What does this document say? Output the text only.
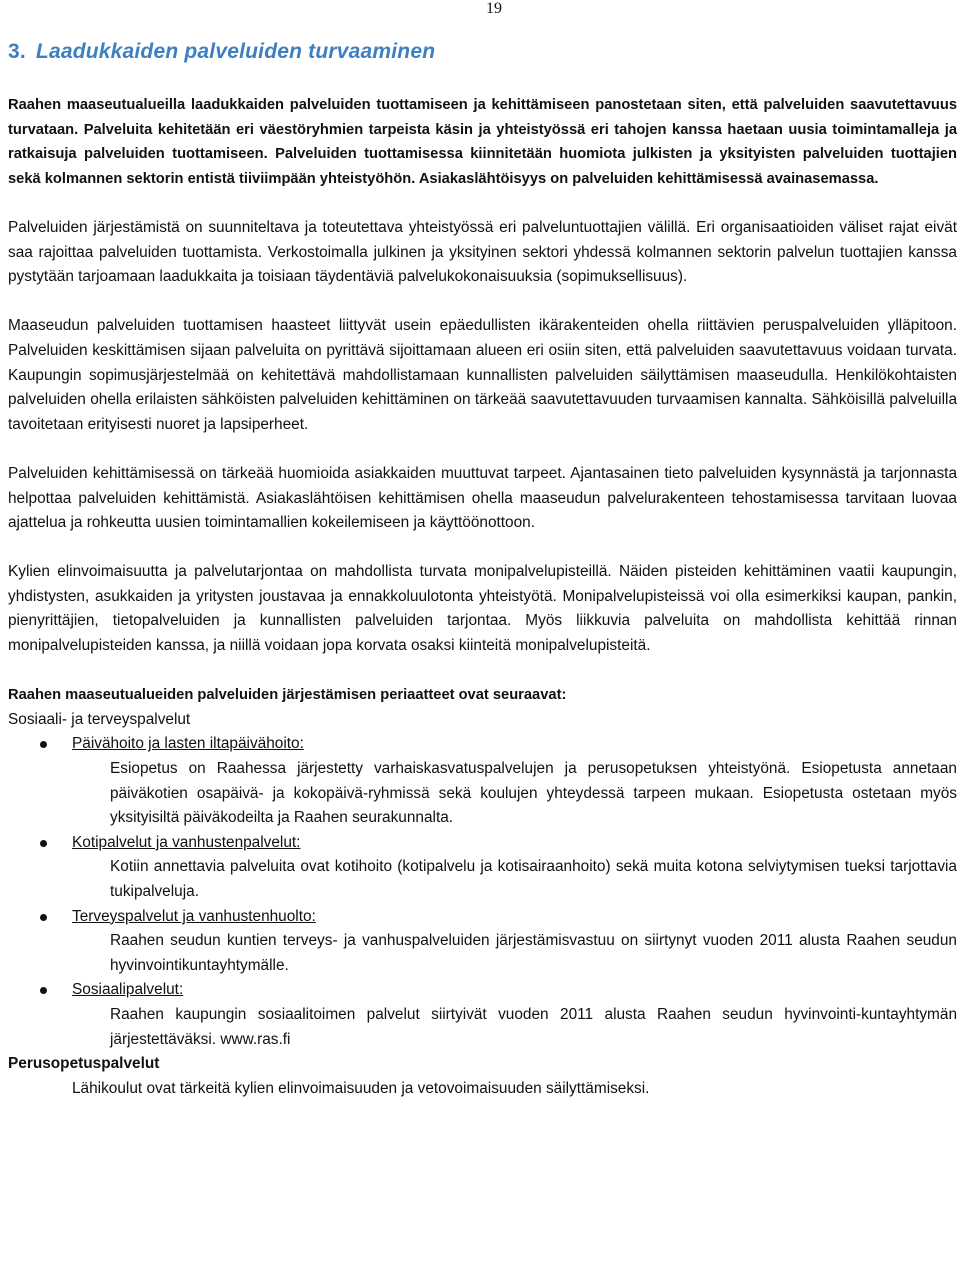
19
3. Laadukkaiden palveluiden turvaaminen

Raahen maaseutualueilla laadukkaiden palveluiden tuottamiseen ja kehittämiseen panostetaan siten, että palveluiden saavutettavuus turvataan. Palveluita kehitetään eri väestöryhmien tarpeista käsin ja yhteistyössä eri tahojen kanssa haetaan uusia toimintamalleja ja ratkaisuja palveluiden tuottamiseen. Palveluiden tuottamisessa kiinnitetään huomiota julkisten ja yksityisten palveluiden tuottajien sekä kolmannen sektorin entistä tiiviimpään yhteistyöhön. Asiakaslähtöisyys on palveluiden kehittämisessä avainasemassa.

Palveluiden järjestämistä on suunniteltava ja toteutettava yhteistyössä eri palveluntuottajien välillä. Eri organisaatioiden väliset rajat eivät saa rajoittaa palveluiden tuottamista. Verkostoimalla julkinen ja yksityinen sektori yhdessä kolmannen sektorin palvelun tuottajien kanssa pystytään tarjoamaan laadukkaita ja toisiaan täydentäviä palvelukokonaisuuksia (sopimuksellisuus).

Maaseudun palveluiden tuottamisen haasteet liittyvät usein epäedullisten ikärakenteiden ohella riittävien peruspalveluiden ylläpitoon. Palveluiden keskittämisen sijaan palveluita on pyrittävä sijoittamaan alueen eri osiin siten, että palveluiden saavutettavuus voidaan turvata. Kaupungin sopimusjärjestelmää on kehitettävä mahdollistamaan kunnallisten palveluiden säilyttämisen maaseudulla. Henkilökohtaisten palveluiden ohella erilaisten sähköisten palveluiden kehittäminen on tärkeää saavutettavuuden turvaamisen kannalta. Sähköisillä palveluilla tavoitetaan erityisesti nuoret ja lapsiperheet.

Palveluiden kehittämisessä on tärkeää huomioida asiakkaiden muuttuvat tarpeet. Ajantasainen tieto palveluiden kysynnästä ja tarjonnasta helpottaa palveluiden kehittämistä. Asiakaslähtöisen kehittämisen ohella maaseudun palvelurakenteen tehostamisessa tarvitaan luovaa ajattelua ja rohkeutta uusien toimintamallien kokeilemiseen ja käyttöönottoon.

Kylien elinvoimaisuutta ja palvelutarjontaa on mahdollista turvata monipalvelupisteillä. Näiden pisteiden kehittäminen vaatii kaupungin, yhdistysten, asukkaiden ja yritysten joustavaa ja ennakkoluulotonta yhteistyötä. Monipalvelupisteissä voi olla esimerkiksi kaupan, pankin, pienyrittäjien, tietopalveluiden ja kunnallisten palveluiden tarjontaa. Myös liikkuvia palveluita on mahdollista kehittää rinnan monipalvelupisteiden kanssa, ja niillä voidaan jopa korvata osaksi kiinteitä monipalvelupisteitä.

Raahen maaseutualueiden palveluiden järjestämisen periaatteet ovat seuraavat:

Sosiaali- ja terveyspalvelut

Päivähoito ja lasten iltapäivähoito:

Esiopetus on Raahessa järjestetty varhaiskasvatuspalvelujen ja perusopetuksen yhteistyönä. Esiopetusta annetaan päiväkotien osapäivä- ja kokopäivä-ryhmissä sekä koulujen yhteydessä tarpeen mukaan. Esiopetusta ostetaan myös yksityisiltä päiväkodeilta ja Raahen seurakunnalta.

Kotipalvelut ja vanhustenpalvelut:

Kotiin annettavia palveluita ovat kotihoito (kotipalvelu ja kotisairaanhoito) sekä muita kotona selviytymisen tueksi tarjottavia tukipalveluja.

Terveyspalvelut ja vanhustenhuolto:

Raahen seudun kuntien terveys- ja vanhuspalveluiden järjestämisvastuu on siirtynyt vuoden 2011 alusta Raahen seudun hyvinvointikuntayhtymälle.

Sosiaalipalvelut:

Raahen kaupungin sosiaalitoimen palvelut siirtyivät vuoden 2011 alusta Raahen seudun hyvinvointi-kuntayhtymän järjestettäväksi. www.ras.fi

Perusopetuspalvelut

Lähikoulut ovat tärkeitä kylien elinvoimaisuuden ja vetovoimaisuuden säilyttämiseksi.
